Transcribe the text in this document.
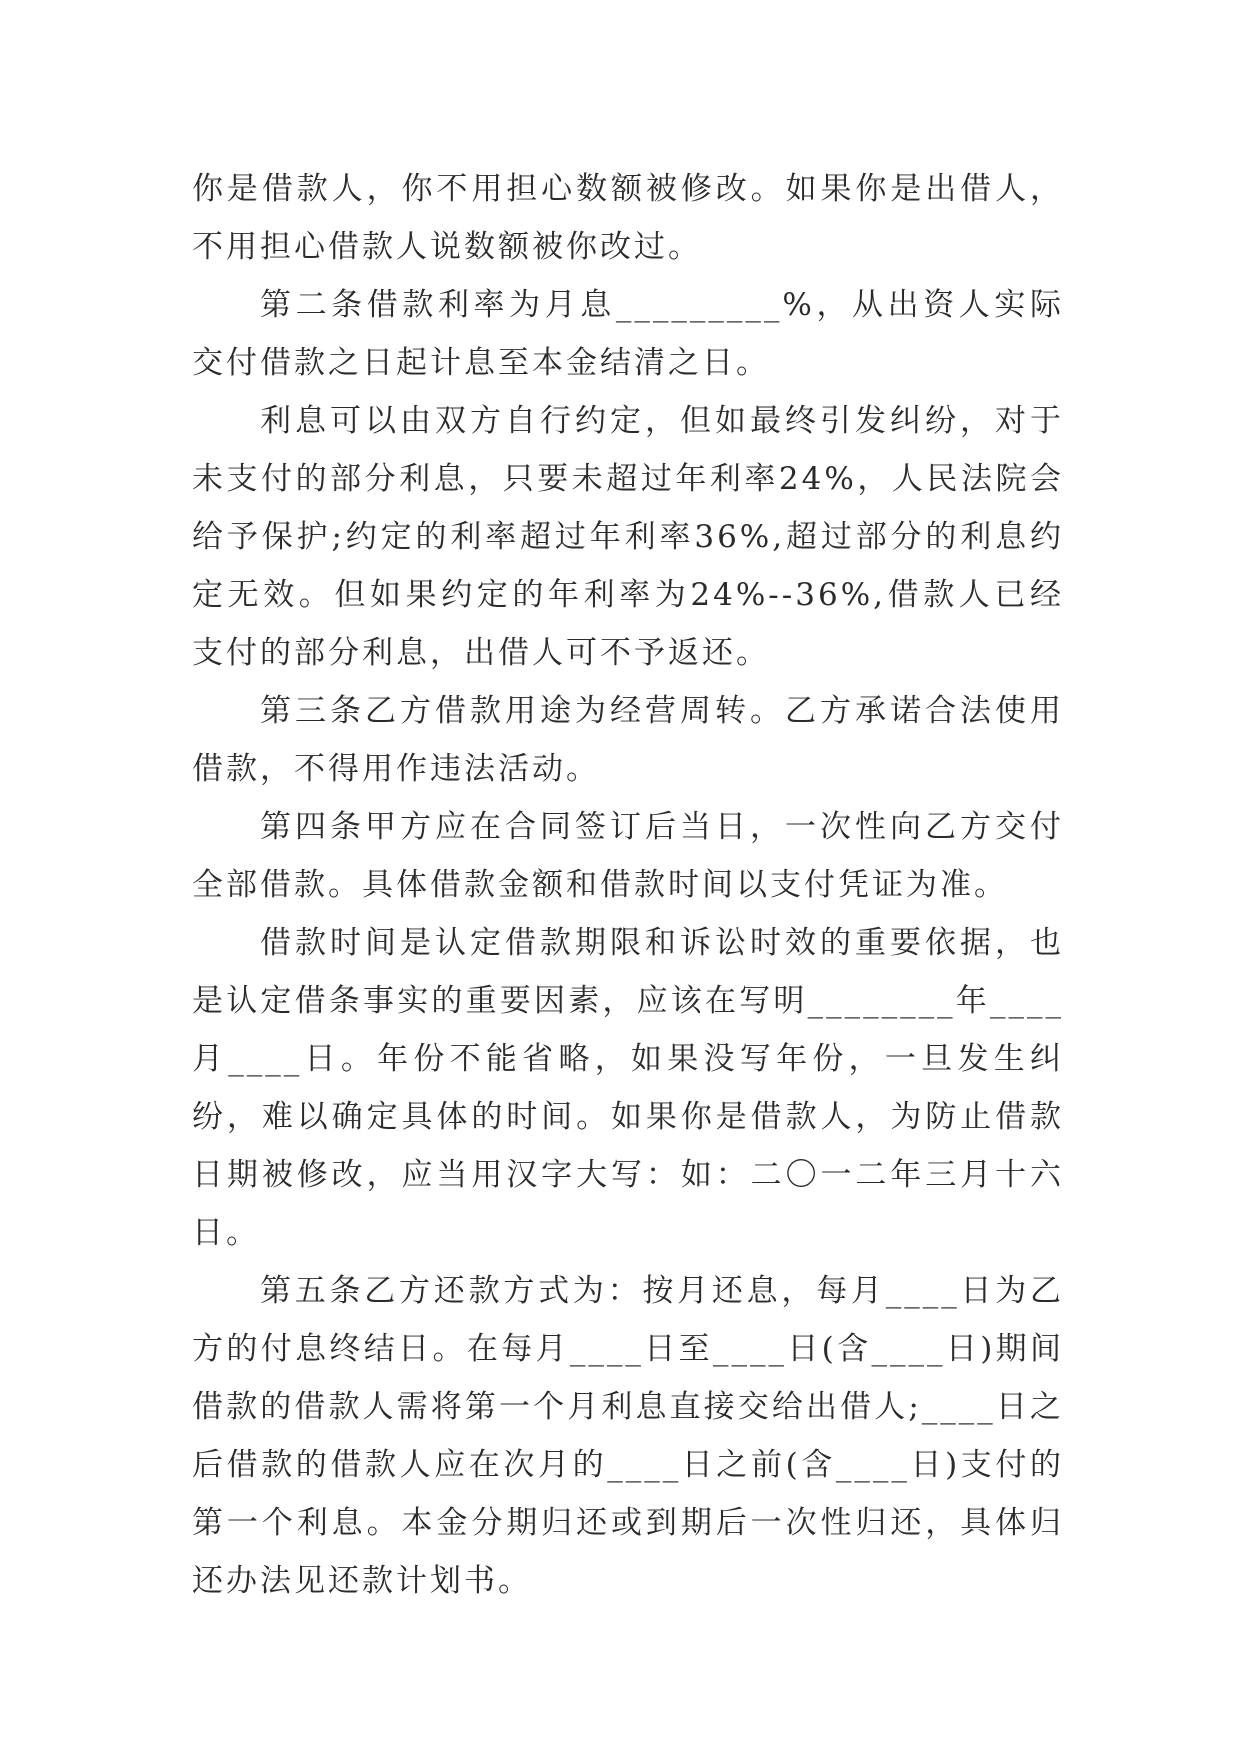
你是借款人，你不用担心数额被修改。如果你是出借人，不用担心借款人说数额被你改过。

第二条借款利率为月息_________%，从出资人实际交付借款之日起计息至本金结清之日。

利息可以由双方自行约定，但如最终引发纠纷，对于未支付的部分利息，只要未超过年利率24%，人民法院会给予保护;约定的利率超过年利率36%,超过部分的利息约定无效。但如果约定的年利率为24%--36%,借款人已经支付的部分利息，出借人可不予返还。

第三条乙方借款用途为经营周转。乙方承诺合法使用借款，不得用作违法活动。

第四条甲方应在合同签订后当日，一次性向乙方交付全部借款。具体借款金额和借款时间以支付凭证为准。

借款时间是认定借款期限和诉讼时效的重要依据，也是认定借条事实的重要因素，应该在写明________年____月____日。年份不能省略，如果没写年份，一旦发生纠纷，难以确定具体的时间。如果你是借款人，为防止借款日期被修改，应当用汉字大写：如：二〇一二年三月十六日。

第五条乙方还款方式为：按月还息，每月____日为乙方的付息终结日。在每月____日至____日(含____日)期间借款的借款人需将第一个月利息直接交给出借人;____日之后借款的借款人应在次月的____日之前(含____日)支付的第一个利息。本金分期归还或到期后一次性归还，具体归还办法见还款计划书。
